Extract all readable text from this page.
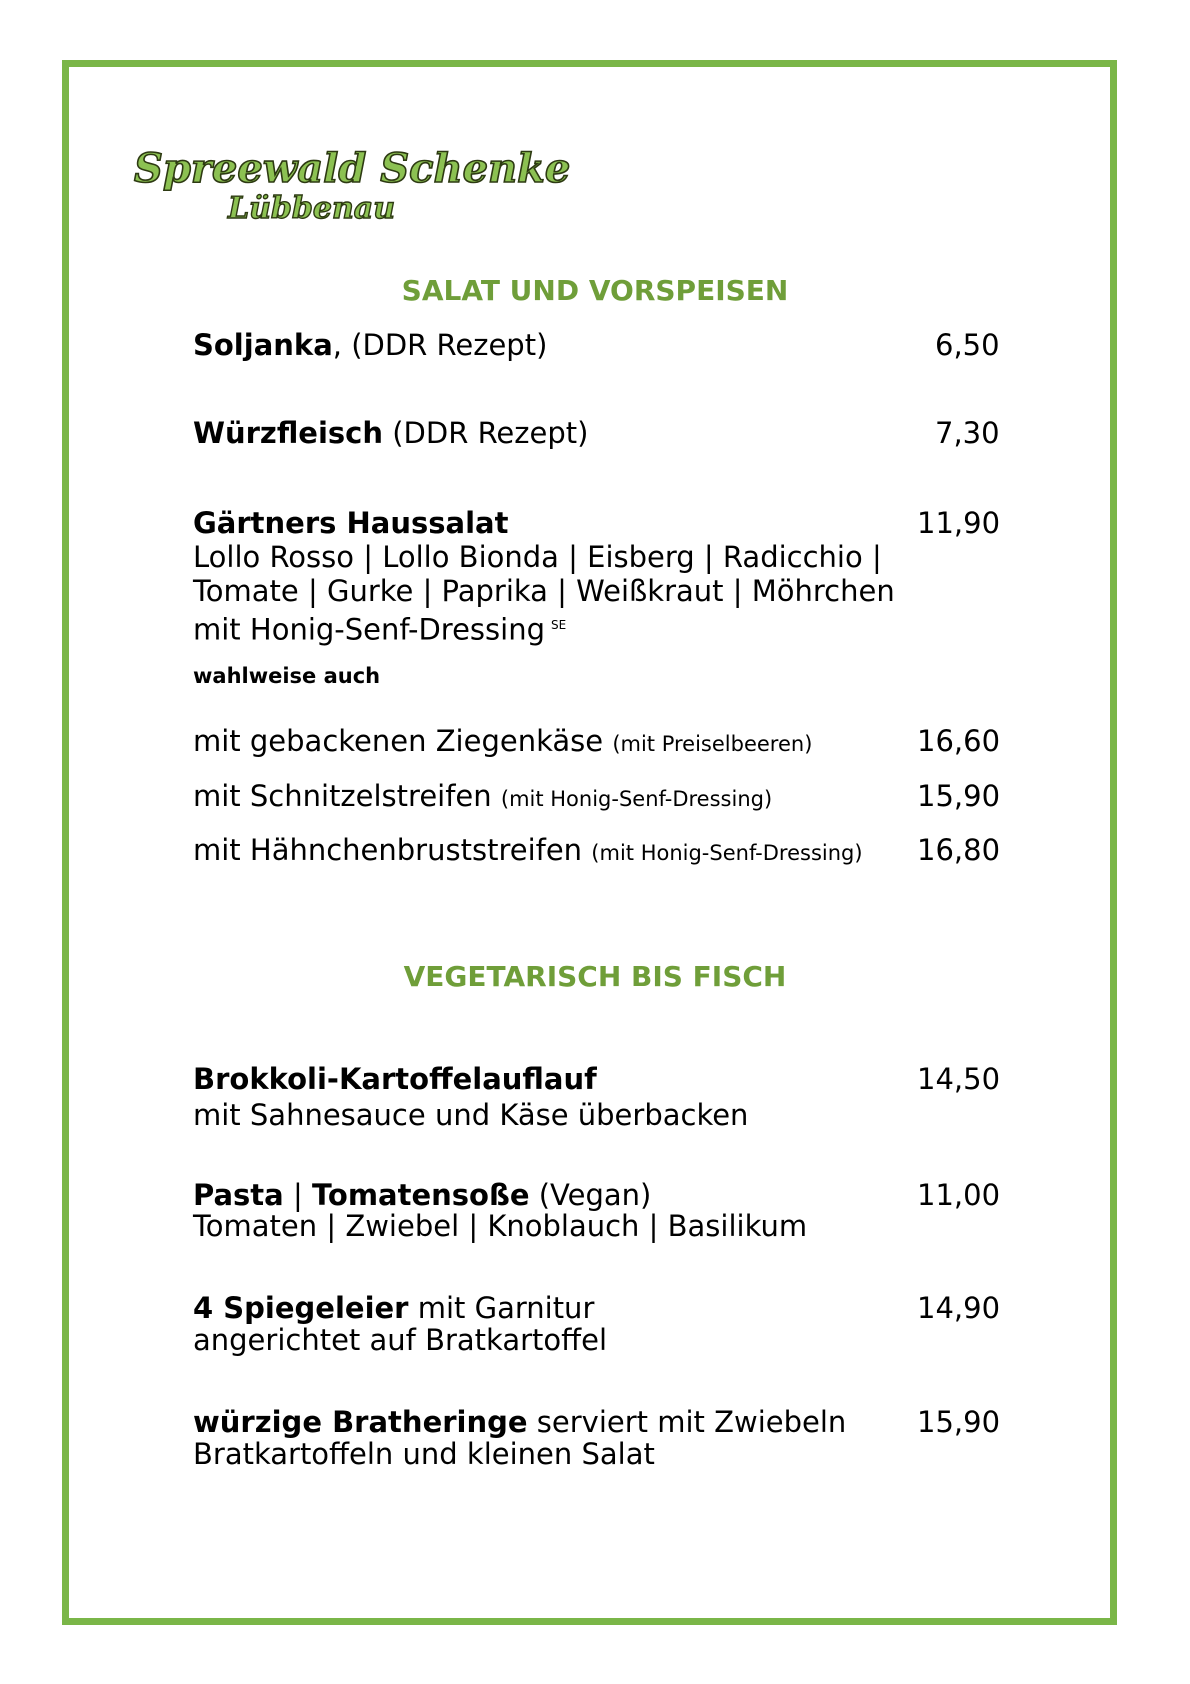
Spreewald Schenke
Lübbenau
SALAT UND VORSPEISEN
Soljanka, (DDR Rezept)	6,50
Würzfleisch (DDR Rezept)	7,30
Gärtners Haussalat	11,90
Lollo Rosso | Lollo Bionda | Eisberg | Radicchio |
Tomate | Gurke | Paprika | Weißkraut | Möhrchen
mit Honig-Senf-Dressing $^{SE}$
wahlweise auch
mit gebackenen Ziegenkäse (mit Preiselbeeren)	16,60
mit Schnitzelstreifen (mit Honig-Senf-Dressing)	15,90
mit Hähnchenbruststreifen (mit Honig-Senf-Dressing) 16,80
VEGETARISCH BIS FISCH
Brokkoli-Kartoffelauflauf	14,50
mit Sahnesauce und Käse überbacken
Pasta | Tomatensoße (Vegan)	11,00
Tomaten | Zwiebel | Knoblauch | Basilikum
4 Spiegeleier mit Garnitur	14,90
angerichtet auf Bratkartoffel
würzige Bratheringe serviert mit Zwiebeln 15,90
Bratkartoffeln und kleinen Salat
